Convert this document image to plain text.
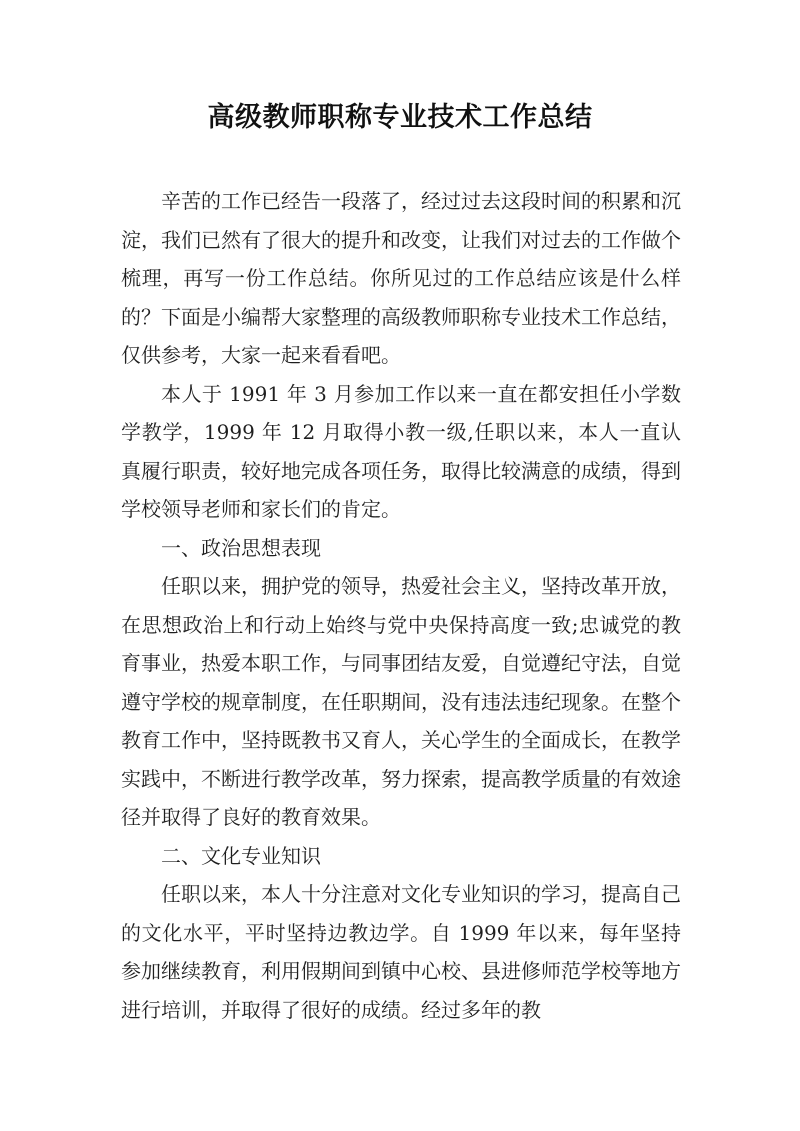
高级教师职称专业技术工作总结

辛苦的工作已经告一段落了，经过过去这段时间的积累和沉淀，我们已然有了很大的提升和改变，让我们对过去的工作做个梳理，再写一份工作总结。你所见过的工作总结应该是什么样的？下面是小编帮大家整理的高级教师职称专业技术工作总结，仅供参考，大家一起来看看吧。

本人于 1991 年 3 月参加工作以来一直在都安担任小学数学教学，1999 年 12 月取得小教一级,任职以来，本人一直认真履行职责，较好地完成各项任务，取得比较满意的成绩，得到学校领导老师和家长们的肯定。

一、政治思想表现

任职以来，拥护党的领导，热爱社会主义，坚持改革开放，在思想政治上和行动上始终与党中央保持高度一致;忠诚党的教育事业，热爱本职工作，与同事团结友爱，自觉遵纪守法，自觉遵守学校的规章制度，在任职期间，没有违法违纪现象。在整个教育工作中，坚持既教书又育人，关心学生的全面成长，在教学实践中，不断进行教学改革，努力探索，提高教学质量的有效途径并取得了良好的教育效果。

二、文化专业知识

任职以来，本人十分注意对文化专业知识的学习，提高自己的文化水平，平时坚持边教边学。自 1999 年以来，每年坚持参加继续教育，利用假期间到镇中心校、县进修师范学校等地方进行培训，并取得了很好的成绩。经过多年的教
